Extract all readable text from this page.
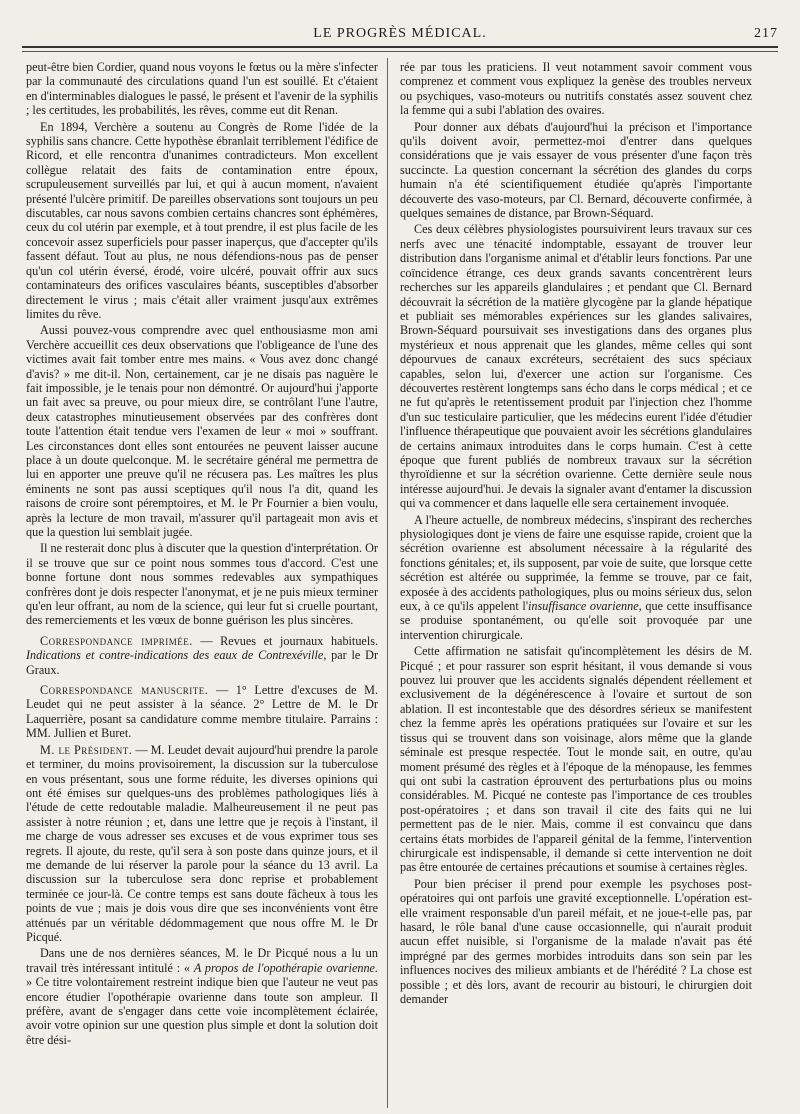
LE PROGRÈS MÉDICAL.	217

peut-être bien Cordier, quand nous voyons le fœtus ou la mère s'infecter par la communauté des circulations quand l'un est souillé. Et c'étaient en d'interminables dialogues le passé, le présent et l'avenir de la syphilis ; les certitudes, les probabilités, les rêves, comme eut dit Renan.

En 1894, Verchère a soutenu au Congrès de Rome l'idée de la syphilis sans chancre. Cette hypothèse ébranlait terriblement l'édifice de Ricord, et elle rencontra d'unanimes contradicteurs. Mon excellent collègue relatait des faits de contamination entre époux, scrupuleusement surveillés par lui, et qui à aucun moment, n'avaient présenté l'ulcère primitif. De pareilles observations sont toujours un peu discutables, car nous savons combien certains chancres sont éphémères, ceux du col utérin par exemple, et à tout prendre, il est plus facile de les concevoir assez superficiels pour passer inaperçus, que d'accepter qu'ils fassent défaut. Tout au plus, ne nous défendions-nous pas de penser qu'un col utérin éversé, érodé, voire ulcéré, pouvait offrir aux sucs contaminateurs des orifices vasculaires béants, susceptibles d'absorber directement le virus ; mais c'était aller vraiment jusqu'aux extrêmes limites du rêve.

Aussi pouvez-vous comprendre avec quel enthousiasme mon ami Verchère accueillit ces deux observations que l'obligeance de l'une des victimes avait fait tomber entre mes mains. « Vous avez donc changé d'avis? » me dit-il. Non, certainement, car je ne disais pas naguère le fait impossible, je le tenais pour non démontré. Or aujourd'hui j'apporte un fait avec sa preuve, ou pour mieux dire, se contrôlant l'une l'autre, deux catastrophes minutieusement observées par des confrères dont toute l'attention était tendue vers l'examen de leur « moi » souffrant. Les circonstances dont elles sont entourées ne peuvent laisser aucune place à un doute quelconque. M. le secrétaire général me permettra de lui en apporter une preuve qu'il ne récusera pas. Les maîtres les plus éminents ne sont pas aussi sceptiques qu'il nous l'a dit, quand les raisons de croire sont péremptoires, et M. le Pr Fournier a bien voulu, après la lecture de mon travail, m'assurer qu'il partageait mon avis et que la question lui semblait jugée.

Il ne resterait donc plus à discuter que la question d'interprétation. Or il se trouve que sur ce point nous sommes tous d'accord. C'est une bonne fortune dont nous sommes redevables aux sympathiques confrères dont je dois respecter l'anonymat, et je ne puis mieux terminer qu'en leur offrant, au nom de la science, qui leur fut si cruelle pourtant, des remerciements et les vœux de bonne guérison les plus sincères.

Correspondance imprimée. — Revues et journaux habituels. Indications et contre-indications des eaux de Contrexéville, par le Dr Graux.

Correspondance manuscrite. — 1° Lettre d'excuses de M. Leudet qui ne peut assister à la séance. 2° Lettre de M. le Dr Laquerrière, posant sa candidature comme membre titulaire. Parrains : MM. Jullien et Buret.

M. le Président. — M. Leudet devait aujourd'hui prendre la parole et terminer, du moins provisoirement, la discussion sur la tuberculose en vous présentant, sous une forme réduite, les diverses opinions qui ont été émises sur quelques-uns des problèmes pathologiques liés à l'étude de cette redoutable maladie. Malheureusement il ne peut pas assister à notre réunion ; et, dans une lettre que je reçois à l'instant, il me charge de vous adresser ses excuses et de vous exprimer tous ses regrets. Il ajoute, du reste, qu'il sera à son poste dans quinze jours, et il me demande de lui réserver la parole pour la séance du 13 avril. La discussion sur la tuberculose sera donc reprise et probablement terminée ce jour-là. Ce contre temps est sans doute fâcheux à tous les points de vue ; mais je dois vous dire que ses inconvénients vont être atténués par un véritable dédommagement que nous offre M. le Dr Picqué.

Dans une de nos dernières séances, M. le Dr Picqué nous a lu un travail très intéressant intitulé : « A propos de l'opothérapie ovarienne. » Ce titre volontairement restreint indique bien que l'auteur ne veut pas encore étudier l'opothérapie ovarienne dans toute son ampleur. Il préfère, avant de s'engager dans cette voie incomplètement éclairée, avoir votre opinion sur une question plus simple et dont la solution doit être dési-

rée par tous les praticiens. Il veut notamment savoir comment vous comprenez et comment vous expliquez la genèse des troubles nerveux ou psychiques, vaso-moteurs ou nutritifs constatés assez souvent chez la femme qui a subi l'ablation des ovaires.

Pour donner aux débats d'aujourd'hui la précison et l'importance qu'ils doivent avoir, permettez-moi d'entrer dans quelques considérations que je vais essayer de vous présenter d'une façon très succincte. La question concernant la sécrétion des glandes du corps humain n'a été scientifiquement étudiée qu'après l'importante découverte des vaso-moteurs, par Cl. Bernard, découverte confirmée, à quelques semaines de distance, par Brown-Séquard.

Ces deux célèbres physiologistes poursuivirent leurs travaux sur ces nerfs avec une ténacité indomptable, essayant de trouver leur distribution dans l'organisme animal et d'établir leurs fonctions. Par une coïncidence étrange, ces deux grands savants concentrèrent leurs recherches sur les appareils glandulaires ; et pendant que Cl. Bernard découvrait la sécrétion de la matière glycogène par la glande hépatique et publiait ses mémorables expériences sur les glandes salivaires, Brown-Séquard poursuivait ses investigations dans des organes plus mystérieux et nous apprenait que les glandes, même celles qui sont dépourvues de canaux excréteurs, secrétaient des sucs spéciaux capables, selon lui, d'exercer une action sur l'organisme. Ces découvertes restèrent longtemps sans écho dans le corps médical ; et ce ne fut qu'après le retentissement produit par l'injection chez l'homme d'un suc testiculaire particulier, que les médecins eurent l'idée d'étudier l'influence thérapeutique que pouvaient avoir les sécrétions glandulaires de certains animaux introduites dans le corps humain. C'est à cette époque que furent publiés de nombreux travaux sur la sécrétion thyroïdienne et sur la sécrétion ovarienne. Cette dernière seule nous intéresse aujourd'hui. Je devais la signaler avant d'entamer la discussion qui va commencer et dans laquelle elle sera certainement invoquée.

A l'heure actuelle, de nombreux médecins, s'inspirant des recherches physiologiques dont je viens de faire une esquisse rapide, croient que la sécrétion ovarienne est absolument nécessaire à la régularité des fonctions génitales; et, ils supposent, par voie de suite, que lorsque cette sécrétion est altérée ou supprimée, la femme se trouve, par ce fait, exposée à des accidents pathologiques, plus ou moins sérieux dus, selon eux, à ce qu'ils appelent l'insuffisance ovarienne, que cette insuffisance se produise spontanément, ou qu'elle soit provoquée par une intervention chirurgicale.

Cette affirmation ne satisfait qu'incomplètement les désirs de M. Picqué ; et pour rassurer son esprit hésitant, il vous demande si vous pouvez lui prouver que les accidents signalés dépendent réellement et exclusivement de la dégénérescence à l'ovaire et surtout de son ablation. Il est incontestable que des désordres sérieux se manifestent chez la femme après les opérations pratiquées sur l'ovaire et sur les tissus qui se trouvent dans son voisinage, alors même que la glande séminale est presque respectée. Tout le monde sait, en outre, qu'au moment présumé des règles et à l'époque de la ménopause, les femmes qui ont subi la castration éprouvent des perturbations plus ou moins considérables. M. Picqué ne conteste pas l'importance de ces troubles post-opératoires ; et dans son travail il cite des faits qui ne lui permettent pas de le nier. Mais, comme il est convaincu que dans certains états morbides de l'appareil génital de la femme, l'intervention chirurgicale est indispensable, il demande si cette intervention ne doit pas être entourée de certaines précautions et soumise à certaines règles.

Pour bien préciser il prend pour exemple les psychoses post-opératoires qui ont parfois une gravité exceptionnelle. L'opération est-elle vraiment responsable d'un pareil méfait, et ne joue-t-elle pas, par hasard, le rôle banal d'une cause occasionnelle, qui n'aurait produit aucun effet nuisible, si l'organisme de la malade n'avait pas été imprégné par des germes morbides introduits dans son sein par les influences nocives des milieux ambiants et de l'hérédité ? La chose est possible ; et dès lors, avant de recourir au bistouri, le chirurgien doit demander
